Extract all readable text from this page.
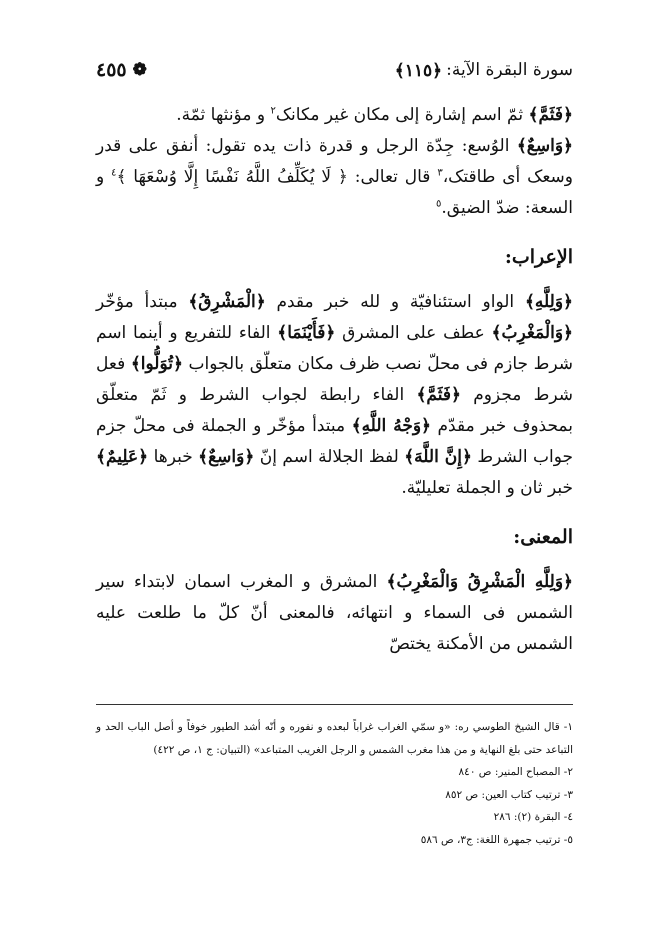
سورة البقرة الآية:
﴿١١٥﴾
❁
٤٥٥

﴿فَثَمَّ﴾ ثمّ اسم إشارة إلى مكان غير مكانک$^٢$ و مؤنثها ثمّة.

﴿وَاسِعٌ﴾ الوُسع: جِدّة الرجل و قدرة ذات يده تقول: أنفق على قدر وسعک أى طاقتک،$^٣$ قال تعالى: ﴿ لَا يُكَلِّفُ اللَّهُ نَفْسًا إِلَّا وُسْعَهَا ﴾$^٤$ و السعة: ضدّ الضيق.$^٥$

الإعراب:

﴿وَلِلَّهِ﴾ الواو استئنافيّة و لله خبر مقدم ﴿الْمَشْرِقُ﴾ مبتدأ مؤخّر ﴿وَالْمَغْرِبُ﴾ عطف على المشرق ﴿فَأَيْنَمَا﴾ الفاء للتفريع و أينما اسم شرط جازم فى محلّ نصب ظرف مكان متعلّق بالجواب ﴿تُوَلُّوا﴾ فعل شرط مجزوم ﴿فَثَمَّ﴾ الفاء رابطة لجواب الشرط و ثَمّ متعلّق بمحذوف خبر مقدّم ﴿وَجْهُ اللَّهِ﴾ مبتدأ مؤخّر و الجملة فى محلّ جزم جواب الشرط ﴿إِنَّ اللَّهَ﴾ لفظ الجلالة اسم إنّ ﴿وَاسِعٌ﴾ خبرها ﴿عَلِيمٌ﴾ خبر ثان و الجملة تعليليّة.

المعنى:

﴿وَلِلَّهِ الْمَشْرِقُ وَالْمَغْرِبُ﴾ المشرق و المغرب اسمان لابتداء سير الشمس فى السماء و انتهائه، فالمعنى أنّ كلّ ما طلعت عليه الشمس من الأمكنة يختصّ

١- قال الشيخ الطوسي ره: «و سمّي الغراب غراباً لبعده و نفوره و أنّه أشد الطيور خوفاً و أصل الباب الحد و التباعد حتى بلغ النهاية و من هذا مغرب الشمس و الرجل الغريب المتباعد» (التبيان: ج ١، ص ٤٢٢)

٢- المصباح المنير: ص ٨٤٠

٣- ترتيب كتاب العين: ص ٨٥٢

٤- البقرة (٢): ٢٨٦

٥- ترتيب جمهرة اللغة: ج٣، ص ٥٨٦
